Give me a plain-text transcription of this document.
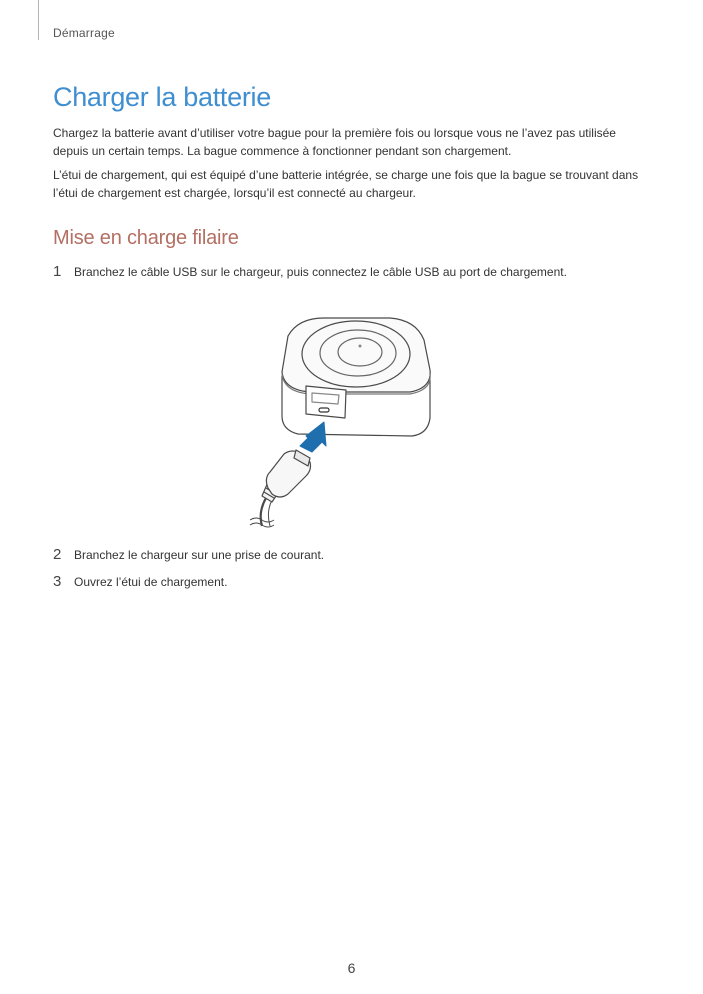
Démarrage
Charger la batterie

Chargez la batterie avant d’utiliser votre bague pour la première fois ou lorsque vous ne l’avez pas utilisée depuis un certain temps. La bague commence à fonctionner pendant son chargement.

L’étui de chargement, qui est équipé d’une batterie intégrée, se charge une fois que la bague se trouvant dans l’étui de chargement est chargée, lorsqu’il est connecté au chargeur.

Mise en charge filaire
1 Branchez le câble USB sur le chargeur, puis connectez le câble USB au port de chargement.
2 Branchez le chargeur sur une prise de courant.
3 Ouvrez l’étui de chargement.
6
